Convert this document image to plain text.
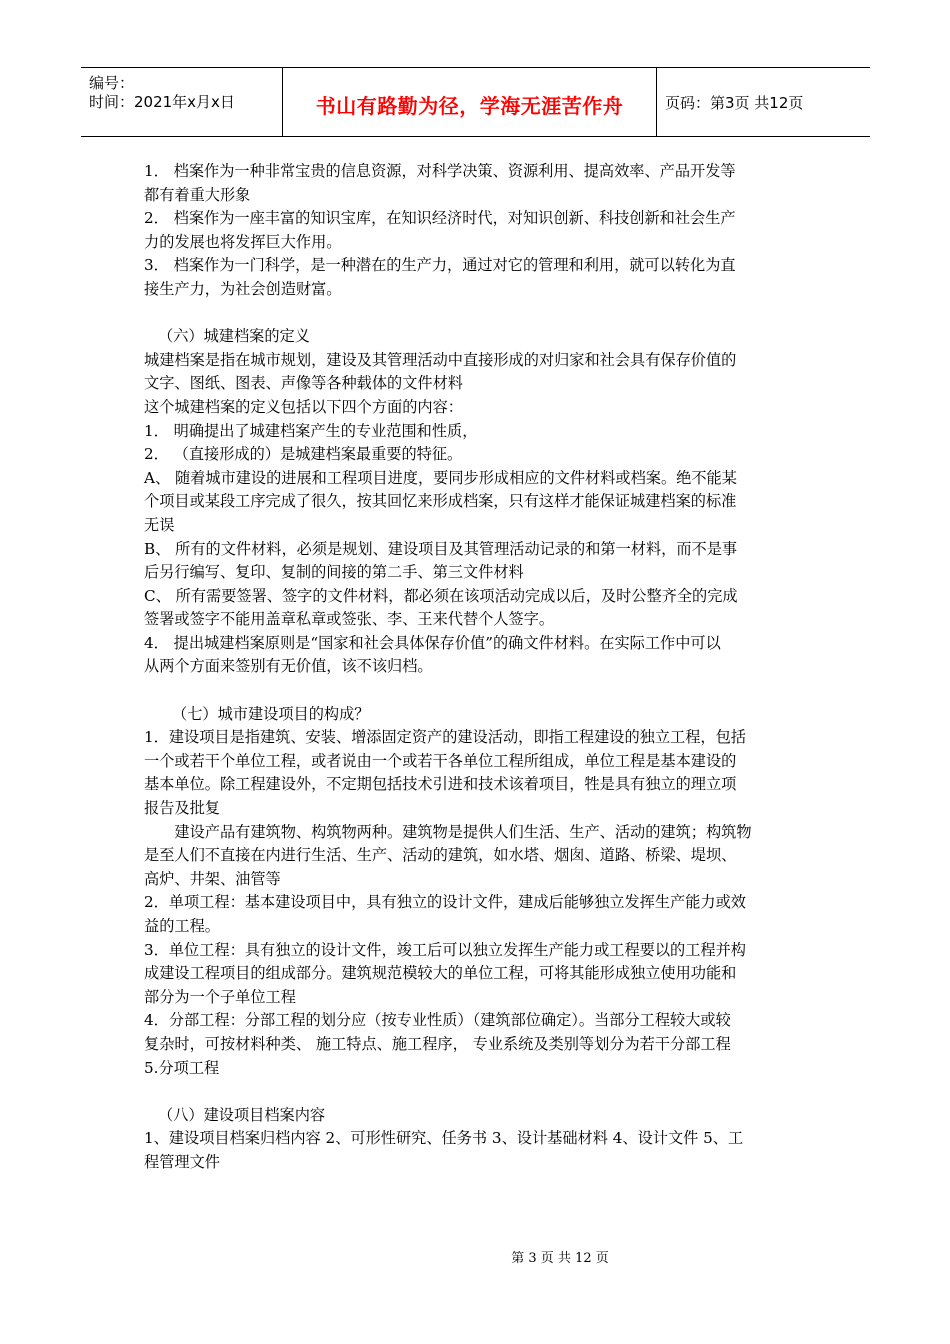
编号：
时间：2021年x月x日	书山有路勤为径，学海无涯苦作舟	页码：第3页 共12页

1． 档案作为一种非常宝贵的信息资源，对科学决策、资源利用、提高效率、产品开发等

都有着重大形象

2． 档案作为一座丰富的知识宝库，在知识经济时代，对知识创新、科技创新和社会生产

力的发展也将发挥巨大作用。

3． 档案作为一门科学，是一种潜在的生产力，通过对它的管理和利用，就可以转化为直

接生产力，为社会创造财富。

（六）城建档案的定义

城建档案是指在城市规划，建设及其管理活动中直接形成的对归家和社会具有保存价值的

文字、图纸、图表、声像等各种载体的文件材料

这个城建档案的定义包括以下四个方面的内容：

1． 明确提出了城建档案产生的专业范围和性质，

2． （直接形成的）是城建档案最重要的特征。

A、 随着城市建设的进展和工程项目进度，要同步形成相应的文件材料或档案。绝不能某

个项目或某段工序完成了很久，按其回忆来形成档案，只有这样才能保证城建档案的标准

无误

B、 所有的文件材料，必须是规划、建设项目及其管理活动记录的和第一材料，而不是事

后另行编写、复印、复制的间接的第二手、第三文件材料

C、 所有需要签署、签字的文件材料，都必须在该项活动完成以后，及时公整齐全的完成

签署或签字不能用盖章私章或签张、李、王来代替个人签字。

4． 提出城建档案原则是“国家和社会具体保存价值”的确文件材料。在实际工作中可以

从两个方面来签别有无价值，该不该归档。

（七）城市建设项目的构成？

1．建设项目是指建筑、安装、增添固定资产的建设活动，即指工程建设的独立工程，包括

一个或若干个单位工程，或者说由一个或若干各单位工程所组成，单位工程是基本建设的

基本单位。除工程建设外，不定期包括技术引进和技术该着项目，牲是具有独立的理立项

报告及批复

建设产品有建筑物、构筑物两种。建筑物是提供人们生活、生产、活动的建筑；构筑物

是至人们不直接在内进行生活、生产、活动的建筑，如水塔、烟囱、道路、桥梁、堤坝、

高炉、井架、油管等

2．单项工程：基本建设项目中，具有独立的设计文件，建成后能够独立发挥生产能力或效

益的工程。

3．单位工程：具有独立的设计文件，竣工后可以独立发挥生产能力或工程要以的工程并构

成建设工程项目的组成部分。建筑规范模较大的单位工程，可将其能形成独立使用功能和

部分为一个子单位工程

4．分部工程：分部工程的划分应（按专业性质）（建筑部位确定）。当部分工程较大或较

复杂时，可按材料种类、 施工特点、施工程序， 专业系统及类别等划分为若干分部工程

5.分项工程

（八）建设项目档案内容

1、建设项目档案归档内容 2、可形性研究、任务书 3、设计基础材料 4、设计文件 5、工

程管理文件

第 3 页 共 12 页
